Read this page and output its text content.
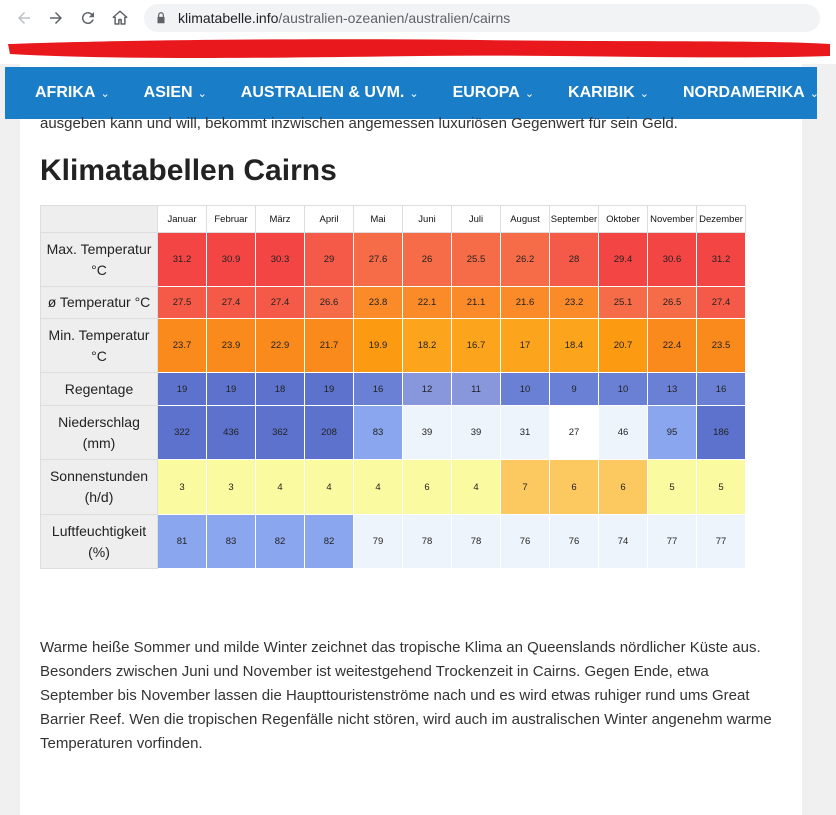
klimatabelle.info /australien-ozeanien/australien/cairns
AFRIKA ⌄ ASIEN ⌄ AUSTRALIEN & UVM. ⌄ EUROPA ⌄ KARIBIK ⌄ NORDAMERIKA ⌄
ausgeben kann und will, bekommt inzwischen angemessen luxuriösen Gegenwert für sein Geld.
Klimatabellen Cairns
	Januar	Februar	März	April	Mai	Juni	Juli	August	September	Oktober	November	Dezember
Max. Temperatur °C	31.2	30.9	30.3	29	27.6	26	25.5	26.2	28	29.4	30.6	31.2
ø Temperatur °C	27.5	27.4	27.4	26.6	23.8	22.1	21.1	21.6	23.2	25.1	26.5	27.4
Min. Temperatur °C	23.7	23.9	22.9	21.7	19.9	18.2	16.7	17	18.4	20.7	22.4	23.5
Regentage	19	19	18	19	16	12	11	10	9	10	13	16
Niederschlag (mm)	322	436	362	208	83	39	39	31	27	46	95	186
Sonnenstunden (h/d)	3	3	4	4	4	6	4	7	6	6	5	5
Luftfeuchtigkeit (%)	81	83	82	82	79	78	78	76	76	74	77	77

Warme heiße Sommer und milde Winter zeichnet das tropische Klima an Queenslands nördlicher Küste aus. Besonders zwischen Juni und November ist weitestgehend Trockenzeit in Cairns. Gegen Ende, etwa September bis November lassen die Haupttouristenströme nach und es wird etwas ruhiger rund ums Great Barrier Reef. Wen die tropischen Regenfälle nicht stören, wird auch im australischen Winter angenehm warme Temperaturen vorfinden.
